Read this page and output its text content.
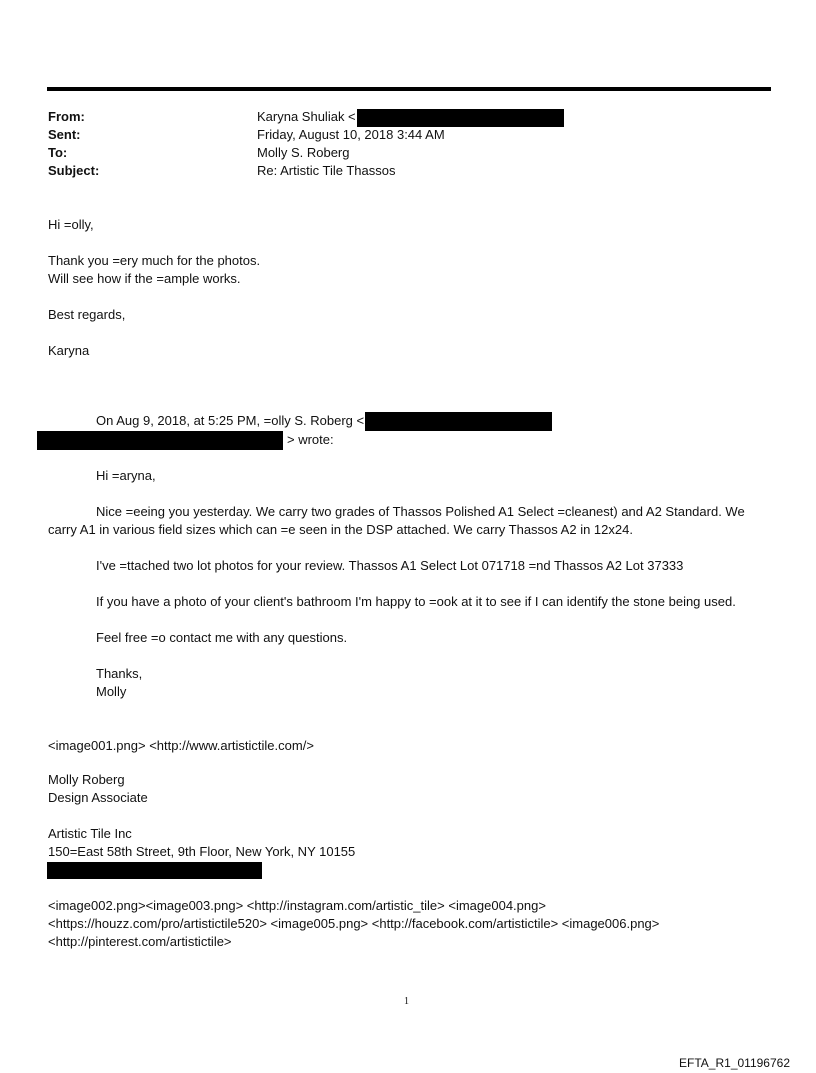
From:	Karyna Shuliak <
Sent:	Friday, August 10, 2018 3:44 AM
To:	Molly S. Roberg
Subject:	Re: Artistic Tile Thassos
Hi =olly,
Thank you =ery much for the photos.
Will see how if the =ample works.
Best regards,
Karyna
On Aug 9, 2018, at 5:25 PM, =olly S. Roberg <
> wrote:
Hi =aryna,
Nice =eeing you yesterday. We carry two grades of Thassos Polished A1 Select =cleanest) and A2 Standard. We
carry A1 in various field sizes which can =e seen in the DSP attached. We carry Thassos A2 in 12x24.
I've =ttached two lot photos for your review. Thassos A1 Select Lot 071718 =nd Thassos A2 Lot 37333
If you have a photo of your client's bathroom I'm happy to =ook at it to see if I can identify the stone being used.
Feel free =o contact me with any questions.
Thanks,
Molly
<image001.png> <http://www.artistictile.com/>
Molly Roberg
Design Associate
Artistic Tile Inc
150=East 58th Street, 9th Floor, New York, NY 10155
<image002.png><image003.png> <http://instagram.com/artistic_tile> <image004.png>
<https://houzz.com/pro/artistictile520> <image005.png> <http://facebook.com/artistictile> <image006.png>
<http://pinterest.com/artistictile>
1
EFTA_R1_01196762
